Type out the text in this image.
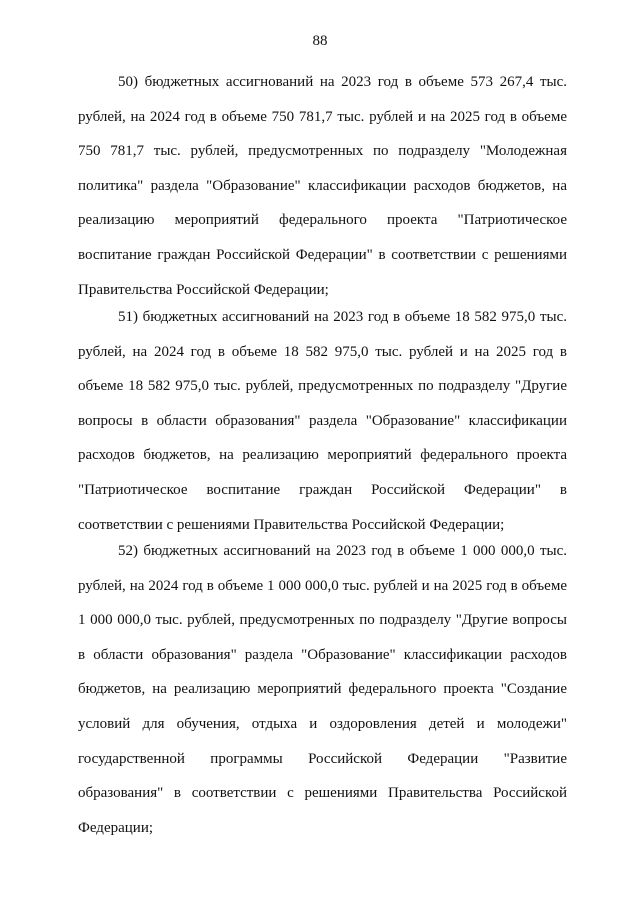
88

50) бюджетных ассигнований на 2023 год в объеме 573 267,4 тыс. рублей, на 2024 год в объеме 750 781,7 тыс. рублей и на 2025 год в объеме 750 781,7 тыс. рублей, предусмотренных по подразделу "Молодежная политика" раздела "Образование" классификации расходов бюджетов, на реализацию мероприятий федерального проекта "Патриотическое воспитание граждан Российской Федерации" в соответствии с решениями Правительства Российской Федерации;

51) бюджетных ассигнований на 2023 год в объеме 18 582 975,0 тыс. рублей, на 2024 год в объеме 18 582 975,0 тыс. рублей и на 2025 год в объеме 18 582 975,0 тыс. рублей, предусмотренных по подразделу "Другие вопросы в области образования" раздела "Образование" классификации расходов бюджетов, на реализацию мероприятий федерального проекта "Патриотическое воспитание граждан Российской Федерации" в соответствии с решениями Правительства Российской Федерации;

52) бюджетных ассигнований на 2023 год в объеме 1 000 000,0 тыс. рублей, на 2024 год в объеме 1 000 000,0 тыс. рублей и на 2025 год в объеме 1 000 000,0 тыс. рублей, предусмотренных по подразделу "Другие вопросы в области образования" раздела "Образование" классификации расходов бюджетов, на реализацию мероприятий федерального проекта "Создание условий для обучения, отдыха и оздоровления детей и молодежи" государственной программы Российской Федерации "Развитие образования" в соответствии с решениями Правительства Российской Федерации;
